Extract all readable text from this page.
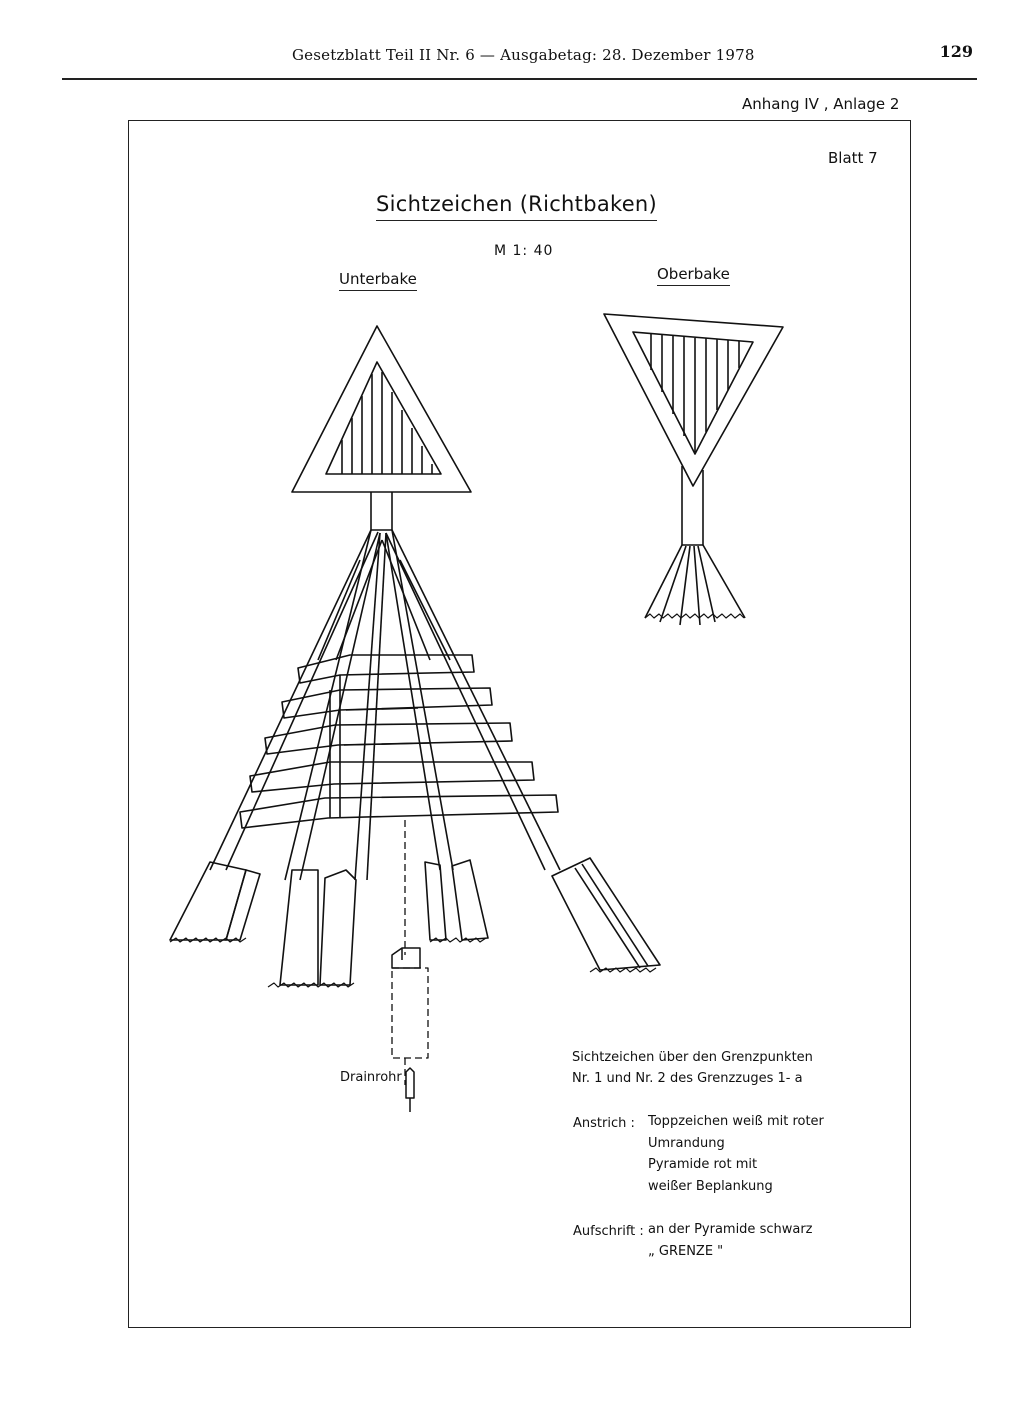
Gesetzblatt Teil II Nr. 6 — Ausgabetag: 28. Dezember 1978	129
Anhang IV , Anlage 2
Blatt 7
Sichtzeichen (Richtbaken)
M 1: 40
Unterbake	Oberbake
Drainrohr
Sichtzeichen über den Grenzpunkten
Nr. 1 und Nr. 2 des Grenzzuges 1- a
Anstrich : Toppzeichen weiß mit roter
Umrandung
Pyramide rot mit
weißer Beplankung
Aufschrift : an der Pyramide schwarz
„ GRENZE "
